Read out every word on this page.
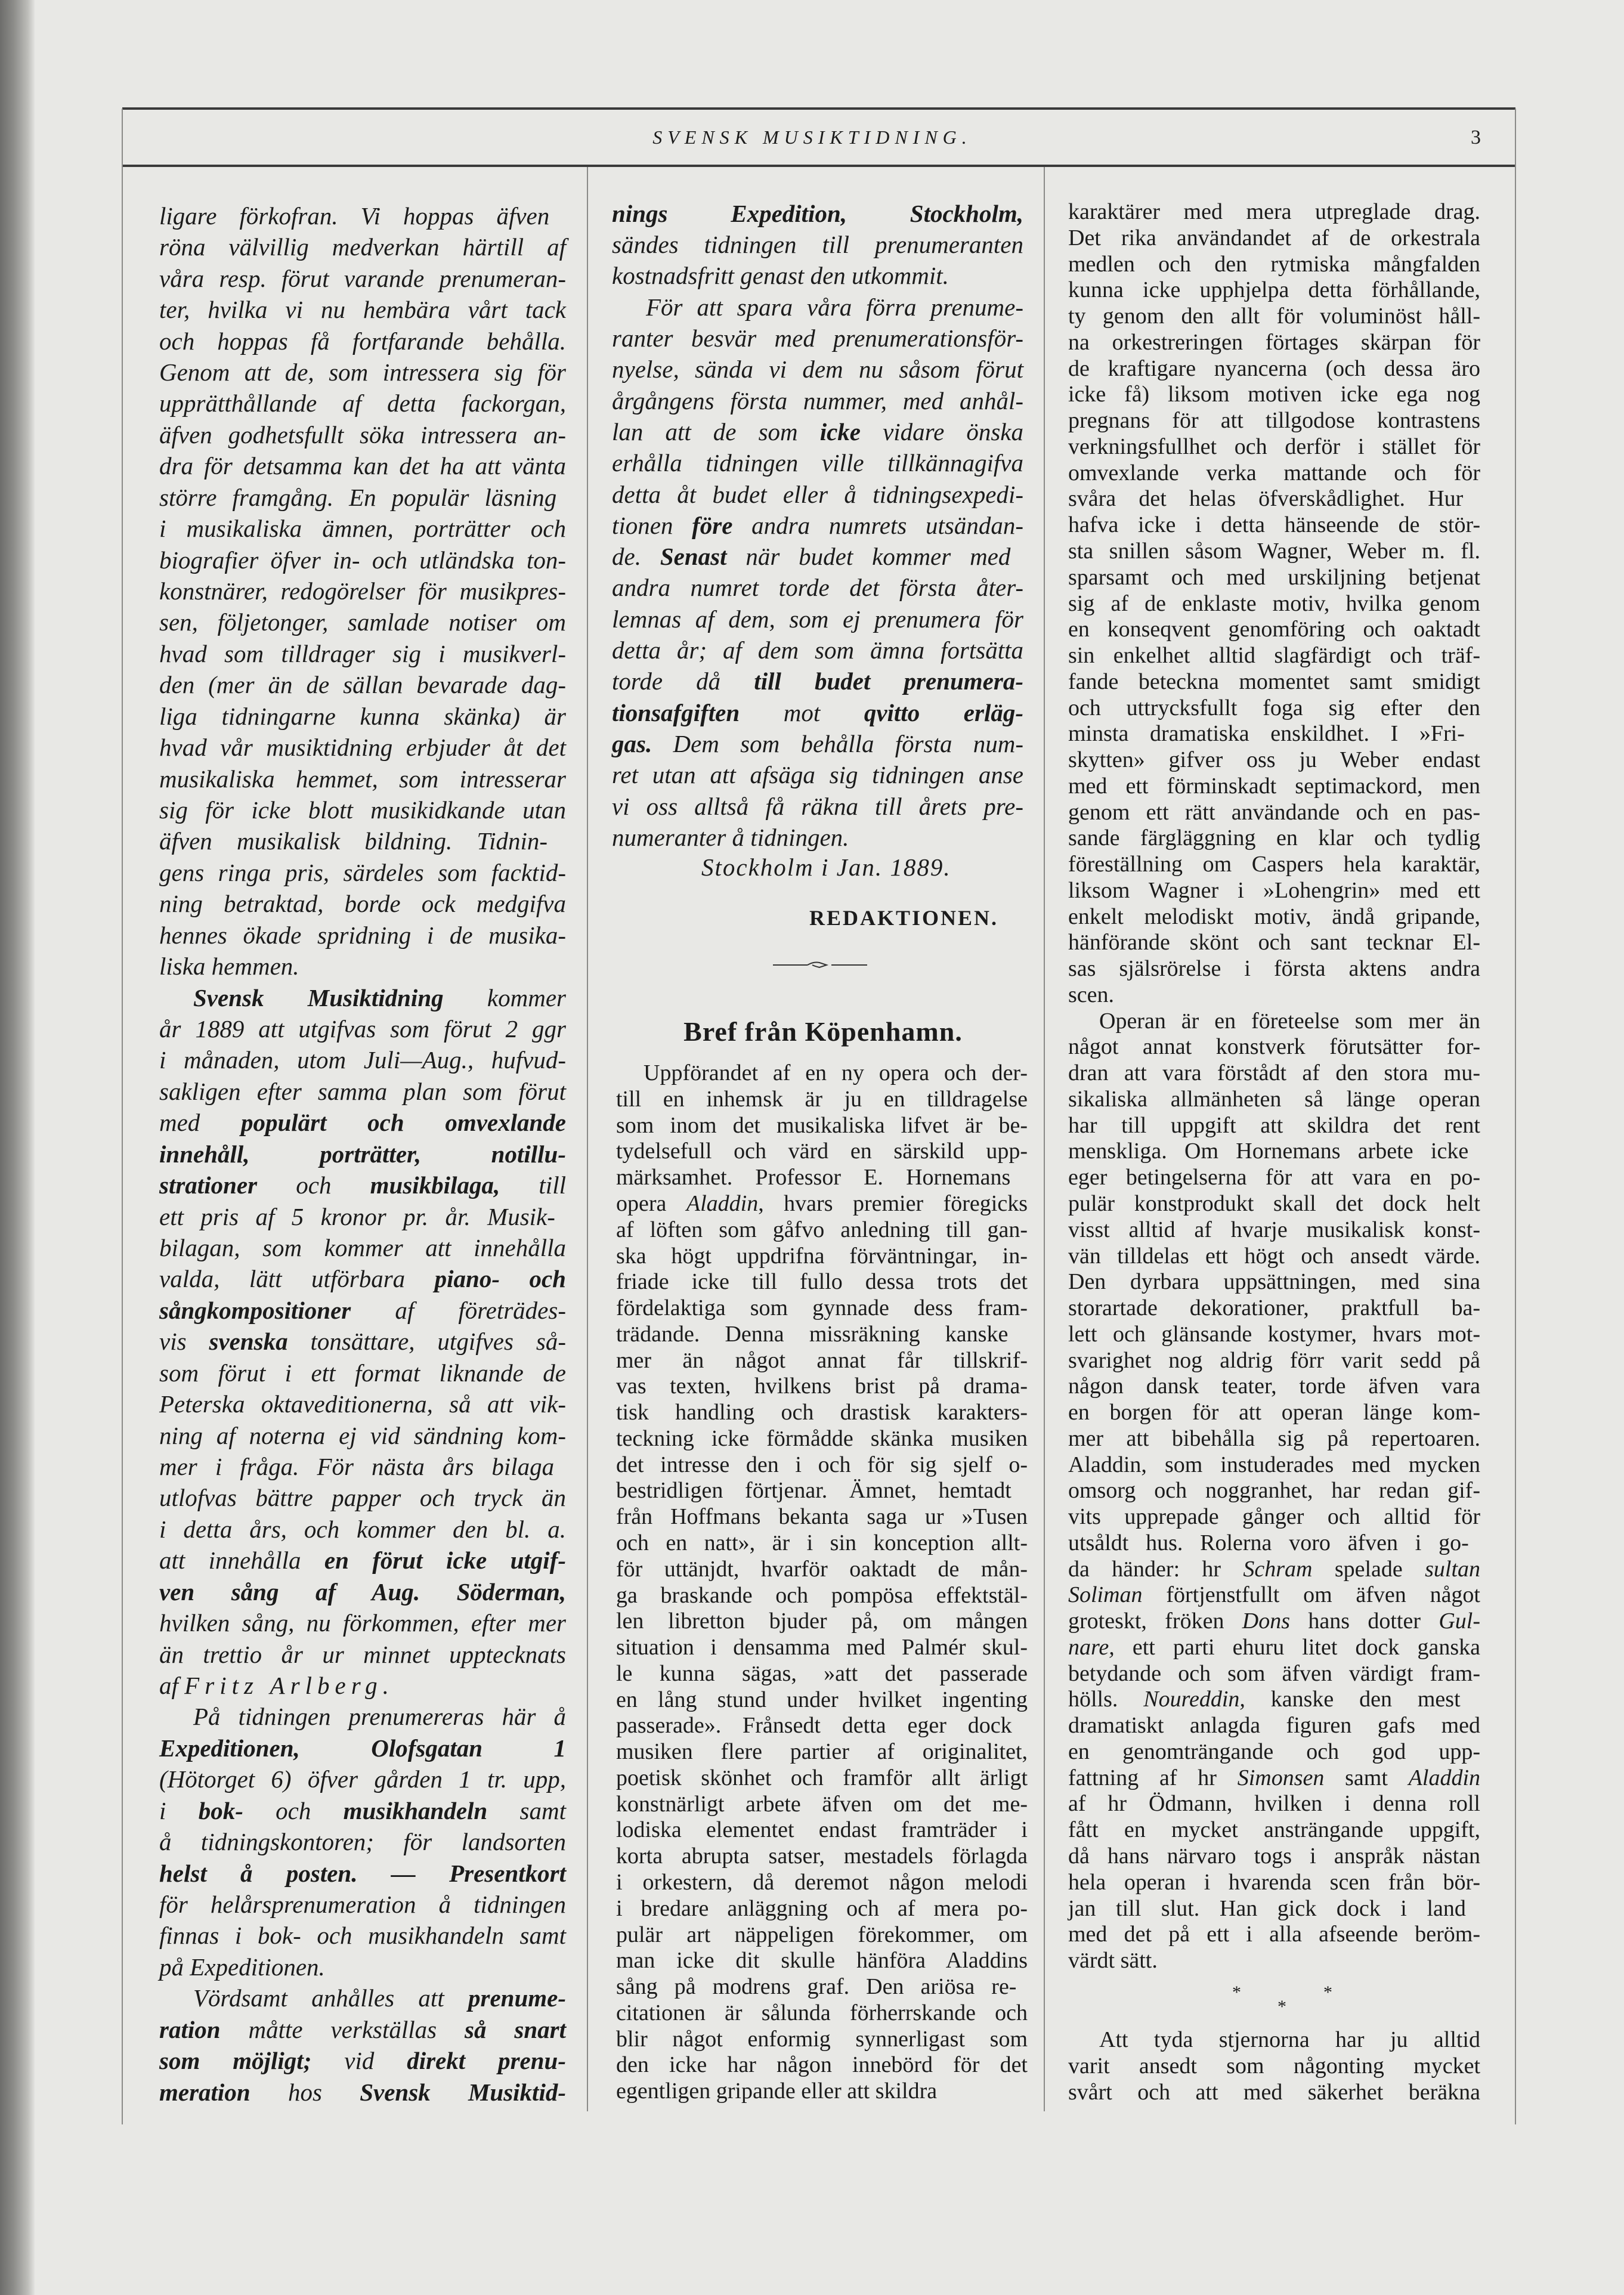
SVENSK MUSIKTIDNING.	3
ligare förkofran. Vi hoppas äfven
röna välvillig medverkan härtill af
våra resp. förut varande prenumeran-
ter, hvilka vi nu hembära vårt tack
och hoppas få fortfarande behålla.
Genom att de, som intressera sig för
upprätthållande af detta fackorgan,
äfven godhetsfullt söka intressera an-
dra för detsamma kan det ha att vänta
större framgång. En populär läsning
i musikaliska ämnen, porträtter och
biografier öfver in- och utländska ton-
konstnärer, redogörelser för musikpres-
sen, följetonger, samlade notiser om
hvad som tilldrager sig i musikverl-
den (mer än de sällan bevarade dag-
liga tidningarne kunna skänka) är
hvad vår musiktidning erbjuder åt det
musikaliska hemmet, som intresserar
sig för icke blott musikidkande utan
äfven musikalisk bildning. Tidnin-
gens ringa pris, särdeles som facktid-
ning betraktad, borde ock medgifva
hennes ökade spridning i de musika-
liska hemmen.
Svensk Musiktidning kommer
år 1889 att utgifvas som förut 2 ggr
i månaden, utom Juli—Aug., hufvud-
sakligen efter samma plan som förut
med populärt och omvexlande
innehåll, porträtter, notillu-
strationer och musikbilaga, till
ett pris af 5 kronor pr. år. Musik-
bilagan, som kommer att innehålla
valda, lätt utförbara piano- och
sångkompositioner af företrädes-
vis svenska tonsättare, utgifves så-
som förut i ett format liknande de
Peterska oktaveditionerna, så att vik-
ning af noterna ej vid sändning kom-
mer i fråga. För nästa års bilaga
utlofvas bättre papper och tryck än
i detta års, och kommer den bl. a.
att innehålla en förut icke utgif-
ven sång af Aug. Söderman,
hvilken sång, nu förkommen, efter mer
än trettio år ur minnet upptecknats
af Fritz Arlberg.
På tidningen prenumereras här å
Expeditionen, Olofsgatan 1
(Hötorget 6) öfver gården 1 tr. upp,
i bok- och musikhandeln samt
å tidningskontoren; för landsorten
helst å posten. — Presentkort
för helårsprenumeration å tidningen
finnas i bok- och musikhandeln samt
på Expeditionen.
Vördsamt anhålles att prenume-
ration måtte verkställas så snart
som möjligt; vid direkt prenu-
meration hos Svensk Musiktid-
nings Expedition, Stockholm,
sändes tidningen till prenumeranten
kostnadsfritt genast den utkommit.
För att spara våra förra prenume-
ranter besvär med prenumerationsför-
nyelse, sända vi dem nu såsom förut
årgångens första nummer, med anhål-
lan att de som icke vidare önska
erhålla tidningen ville tillkännagifva
detta åt budet eller å tidningsexpedi-
tionen före andra numrets utsändan-
de. Senast när budet kommer med
andra numret torde det första åter-
lemnas af dem, som ej prenumera för
detta år; af dem som ämna fortsätta
torde då till budet prenumera-
tionsafgiften mot qvitto erläg-
gas. Dem som behålla första num-
ret utan att afsäga sig tidningen anse
vi oss alltså få räkna till årets pre-
numeranter å tidningen.
Stockholm i Jan. 1889.
REDAKTIONEN.
Bref från Köpenhamn.
Uppförandet af en ny opera och der-
till en inhemsk är ju en tilldragelse
som inom det musikaliska lifvet är be-
tydelsefull och värd en särskild upp-
märksamhet. Professor E. Hornemans
opera Aladdin, hvars premier föregicks
af löften som gåfvo anledning till gan-
ska högt uppdrifna förväntningar, in-
friade icke till fullo dessa trots det
fördelaktiga som gynnade dess fram-
trädande. Denna missräkning kanske
mer än något annat får tillskrif-
vas texten, hvilkens brist på drama-
tisk handling och drastisk karakters-
teckning icke förmådde skänka musiken
det intresse den i och för sig sjelf o-
bestridligen förtjenar. Ämnet, hemtadt
från Hoffmans bekanta saga ur »Tusen
och en natt», är i sin konception allt-
för uttänjdt, hvarför oaktadt de mån-
ga braskande och pompösa effektstäl-
len libretton bjuder på, om mången
situation i densamma med Palmér skul-
le kunna sägas, »att det passerade
en lång stund under hvilket ingenting
passerade». Frånsedt detta eger dock
musiken flere partier af originalitet,
poetisk skönhet och framför allt ärligt
konstnärligt arbete äfven om det me-
lodiska elementet endast framträder i
korta abrupta satser, mestadels förlagda
i orkestern, då deremot någon melodi
i bredare anläggning och af mera po-
pulär art näppeligen förekommer, om
man icke dit skulle hänföra Aladdins
sång på modrens graf. Den ariösa re-
citationen är sålunda förherrskande och
blir något enformig synnerligast som
den icke har någon innebörd för det
egentligen gripande eller att skildra
karaktärer med mera utpreglade drag.
Det rika användandet af de orkestrala
medlen och den rytmiska mångfalden
kunna icke upphjelpa detta förhållande,
ty genom den allt för voluminöst håll-
na orkestreringen förtages skärpan för
de kraftigare nyancerna (och dessa äro
icke få) liksom motiven icke ega nog
pregnans för att tillgodose kontrastens
verkningsfullhet och derför i stället för
omvexlande verka mattande och för
svåra det helas öfverskådlighet. Hur
hafva icke i detta hänseende de stör-
sta snillen såsom Wagner, Weber m. fl.
sparsamt och med urskiljning betjenat
sig af de enklaste motiv, hvilka genom
en konseqvent genomföring och oaktadt
sin enkelhet alltid slagfärdigt och träf-
fande beteckna momentet samt smidigt
och uttrycksfullt foga sig efter den
minsta dramatiska enskildhet. I »Fri-
skytten» gifver oss ju Weber endast
med ett förminskadt septimackord, men
genom ett rätt användande och en pas-
sande färgläggning en klar och tydlig
föreställning om Caspers hela karaktär,
liksom Wagner i »Lohengrin» med ett
enkelt melodiskt motiv, ändå gripande,
hänförande skönt och sant tecknar El-
sas själsrörelse i första aktens andra
scen.
Operan är en företeelse som mer än
något annat konstverk förutsätter for-
dran att vara förstådt af den stora mu-
sikaliska allmänheten så länge operan
har till uppgift att skildra det rent
menskliga. Om Hornemans arbete icke
eger betingelserna för att vara en po-
pulär konstprodukt skall det dock helt
visst alltid af hvarje musikalisk konst-
vän tilldelas ett högt och ansedt värde.
Den dyrbara uppsättningen, med sina
storartade dekorationer, praktfull ba-
lett och glänsande kostymer, hvars mot-
svarighet nog aldrig förr varit sedd på
någon dansk teater, torde äfven vara
en borgen för att operan länge kom-
mer att bibehålla sig på repertoaren.
Aladdin, som instuderades med mycken
omsorg och noggranhet, har redan gif-
vits upprepade gånger och alltid för
utsåldt hus. Rolerna voro äfven i go-
da händer: hr Schram spelade sultan
Soliman förtjenstfullt om äfven något
groteskt, fröken Dons hans dotter Gul-
nare, ett parti ehuru litet dock ganska
betydande och som äfven värdigt fram-
hölls. Noureddin, kanske den mest
dramatiskt anlagda figuren gafs med
en genomträngande och god upp-
fattning af hr Simonsen samt Aladdin
af hr Ödmann, hvilken i denna roll
fått en mycket ansträngande uppgift,
då hans närvaro togs i anspråk nästan
hela operan i hvarenda scen från bör-
jan till slut. Han gick dock i land
med det på ett i alla afseende beröm-
värdt sätt.
Att tyda stjernorna har ju alltid
varit ansedt som någonting mycket
svårt och att med säkerhet beräkna
*	*
*
